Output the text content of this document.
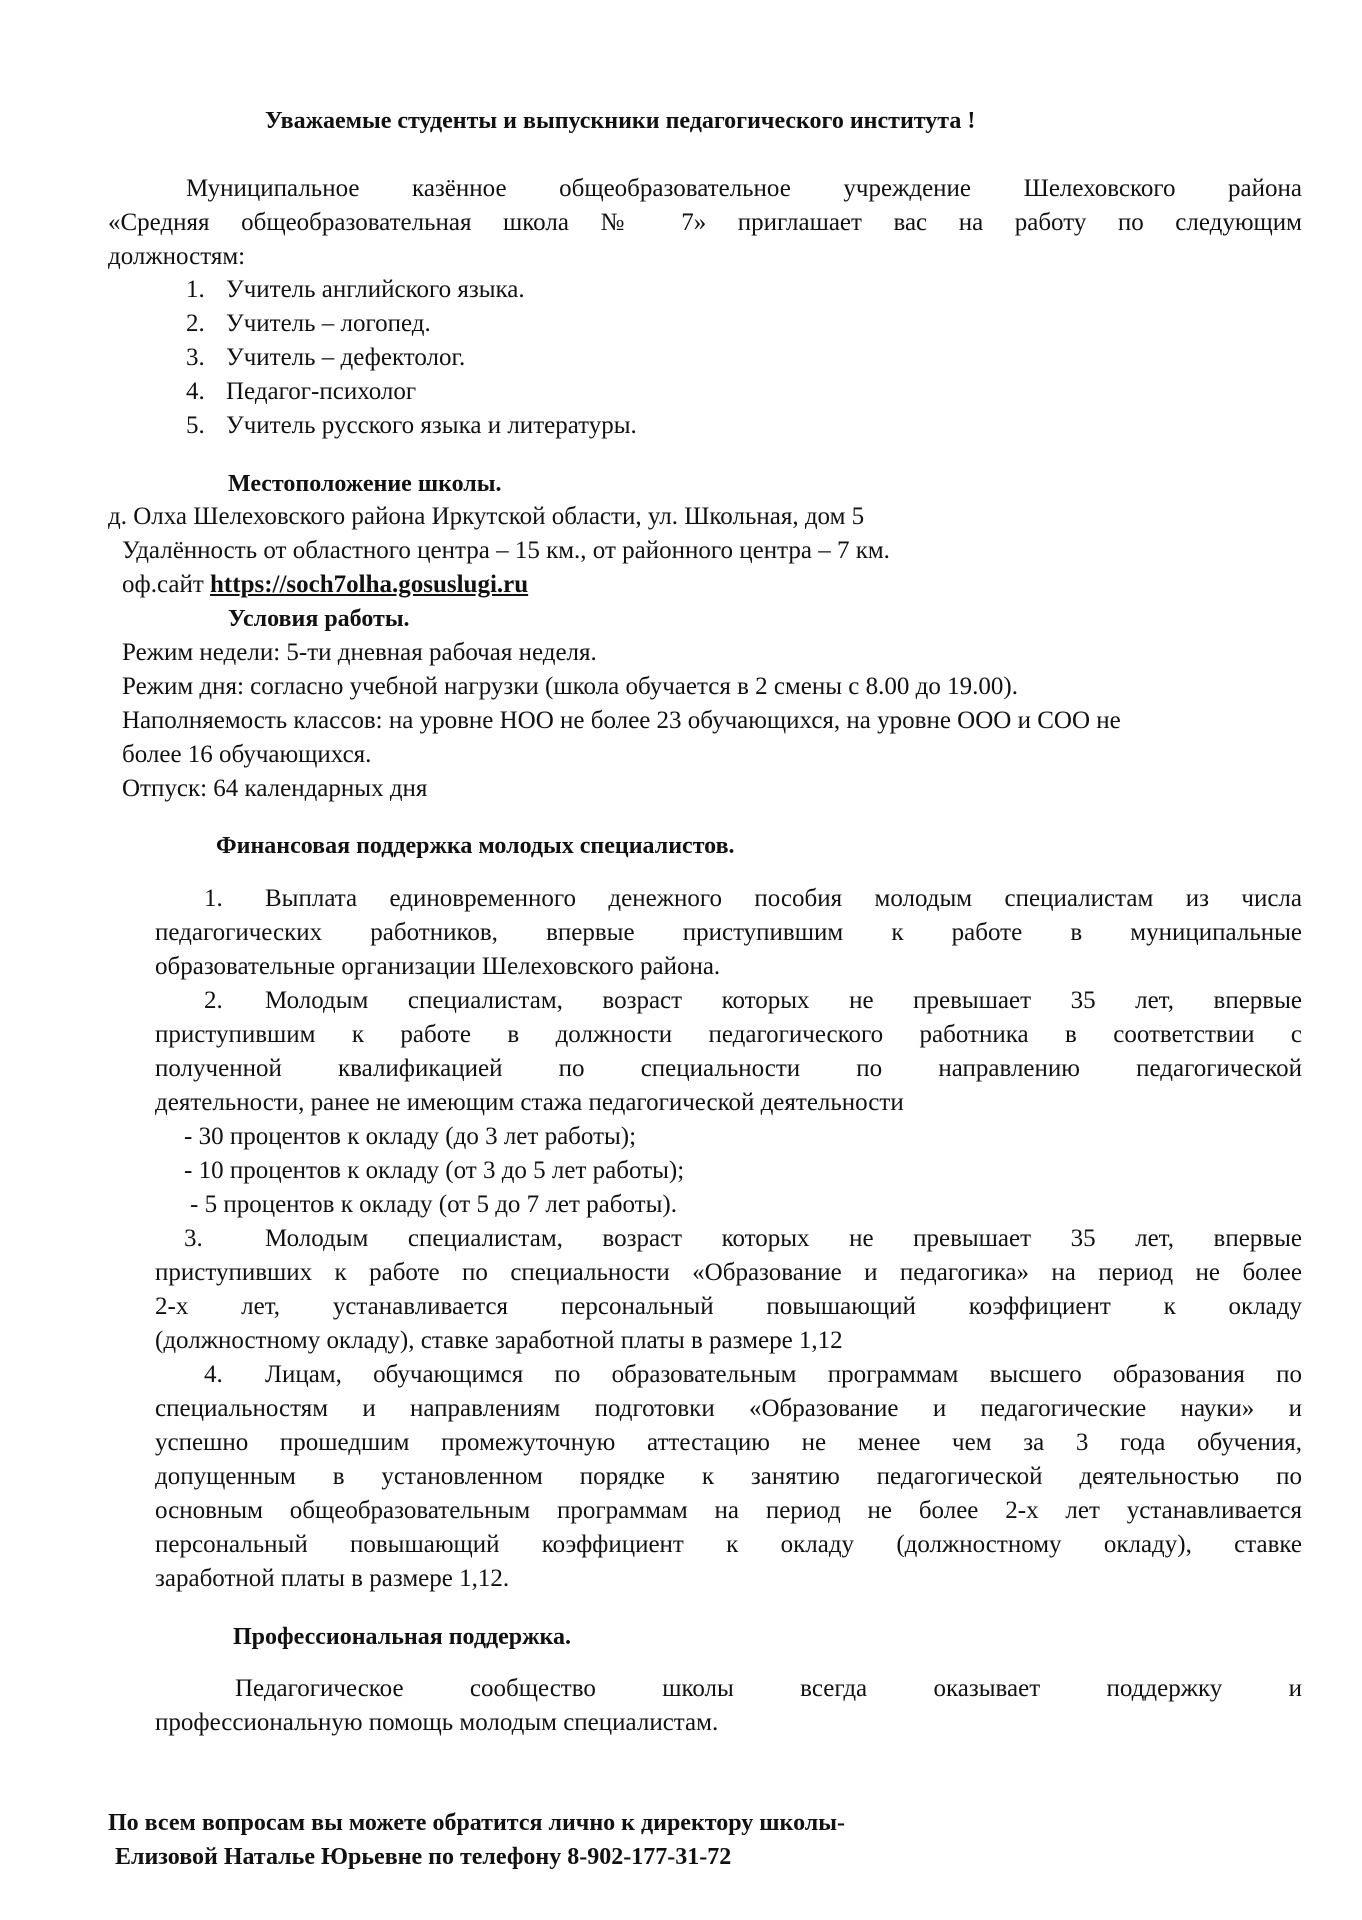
Уважаемые студенты и выпускники педагогического института !
Муниципальное казённое общеобразовательное учреждение Шелеховского района
«Средняя общеобразовательная школа № 7» приглашает вас на работу по следующим
должностям:
1. Учитель английского языка.
2. Учитель – логопед.
3. Учитель – дефектолог.
4. Педагог-психолог
5. Учитель русского языка и литературы.
Местоположение школы.
д. Олха Шелеховского района Иркутской области, ул. Школьная, дом 5
Удалённость от областного центра – 15 км., от районного центра – 7 км.
оф.сайт https://soch7olha.gosuslugi.ru
Условия работы.
Режим недели: 5-ти дневная рабочая неделя.
Режим дня: согласно учебной нагрузки (школа обучается в 2 смены с 8.00 до 19.00).
Наполняемость классов: на уровне НОО не более 23 обучающихся, на уровне ООО и СОО не
более 16 обучающихся.
Отпуск: 64 календарных дня
Финансовая поддержка молодых специалистов.
1. Выплата единовременного денежного пособия молодым специалистам из числа
педагогических работников, впервые приступившим к работе в муниципальные
образовательные организации Шелеховского района.
2. Молодым специалистам, возраст которых не превышает 35 лет, впервые
приступившим к работе в должности педагогического работника в соответствии с
полученной квалификацией по специальности по направлению педагогической
деятельности, ранее не имеющим стажа педагогической деятельности
- 30 процентов к окладу (до 3 лет работы);
- 10 процентов к окладу (от 3 до 5 лет работы);
- 5 процентов к окладу (от 5 до 7 лет работы).
3. Молодым специалистам, возраст которых не превышает 35 лет, впервые
приступивших к работе по специальности «Образование и педагогика» на период не более
2-х лет, устанавливается персональный повышающий коэффициент к окладу
(должностному окладу), ставке заработной платы в размере 1,12
4. Лицам, обучающимся по образовательным программам высшего образования по
специальностям и направлениям подготовки «Образование и педагогические науки» и
успешно прошедшим промежуточную аттестацию не менее чем за 3 года обучения,
допущенным в установленном порядке к занятию педагогической деятельностью по
основным общеобразовательным программам на период не более 2-х лет устанавливается
персональный повышающий коэффициент к окладу (должностному окладу), ставке
заработной платы в размере 1,12.
Профессиональная поддержка.
Педагогическое сообщество школы всегда оказывает поддержку и
профессиональную помощь молодым специалистам.
По всем вопросам вы можете обратится лично к директору школы-
Елизовой Наталье Юрьевне по телефону 8-902-177-31-72
